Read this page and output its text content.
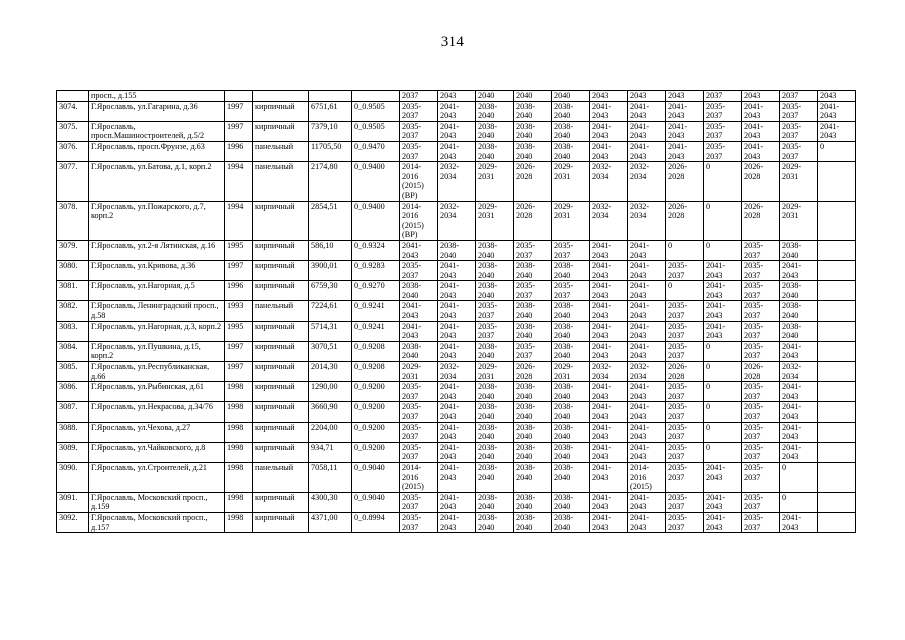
314
	просп., д.155					2037	2043	2040	2040	2040	2043	2043	2043	2037	2043	2037	2043
3074.	Г.Ярославль, ул.Гагарина, д.36	1997	кирпичный	6751,61	0_0.9505	2035-2037	2041-2043	2038-2040	2038-2040	2038-2040	2041-2043	2041-2043	2041-2043	2035-2037	2041-2043	2035-2037	2041-2043
3075.	Г.Ярославль, просп.Машиностроителей, д.5/2	1997	кирпичный	7379,10	0_0.9505	2035-2037	2041-2043	2038-2040	2038-2040	2038-2040	2041-2043	2041-2043	2041-2043	2035-2037	2041-2043	2035-2037	2041-2043
3076.	Г.Ярославль, просп.Фрунзе, д.63	1996	панельный	11705,50	0_0.9470	2035-2037	2041-2043	2038-2040	2038-2040	2038-2040	2041-2043	2041-2043	2041-2043	2035-2037	2041-2043	2035-2037	0
3077.	Г.Ярославль, ул.Батова, д.1, корп.2	1994	панельный	2174,80	0_0.9400	2014-2016 (2015) (ВР)	2032-2034	2029-2031	2026-2028	2029-2031	2032-2034	2032-2034	2026-2028	0	2026-2028	2029-2031	
3078.	Г.Ярославль, ул.Пожарского, д.7, корп.2	1994	кирпичный	2854,51	0_0.9400	2014-2016 (2015) (ВР)	2032-2034	2029-2031	2026-2028	2029-2031	2032-2034	2032-2034	2026-2028	0	2026-2028	2029-2031	
3079.	Г.Ярославль, ул.2-я Лятинская, д.16	1995	кирпичный	586,10	0_0.9324	2041-2043	2038-2040	2038-2040	2035-2037	2035-2037	2041-2043	2041-2043	0	0	2035-2037	2038-2040	
3080.	Г.Ярославль, ул.Кривова, д.36	1997	кирпичный	3900,01	0_0.9283	2035-2037	2041-2043	2038-2040	2038-2040	2038-2040	2041-2043	2041-2043	2035-2037	2041-2043	2035-2037	2041-2043	
3081.	Г.Ярославль, ул.Нагорная, д.5	1996	кирпичный	6759,30	0_0.9270	2038-2040	2041-2043	2038-2040	2035-2037	2035-2037	2041-2043	2041-2043	0	2041-2043	2035-2037	2038-2040	
3082.	Г.Ярославль, Ленинградский просп., д.58	1993	панельный	7224,61	0_0.9241	2041-2043	2041-2043	2035-2037	2038-2040	2038-2040	2041-2043	2041-2043	2035-2037	2041-2043	2035-2037	2038-2040	
3083.	Г.Ярославль, ул.Нагорная, д.3, корп.2	1995	кирпичный	5714,31	0_0.9241	2041-2043	2041-2043	2035-2037	2038-2040	2038-2040	2041-2043	2041-2043	2035-2037	2041-2043	2035-2037	2038-2040	
3084.	Г.Ярославль, ул.Пушкина, д.15, корп.2	1997	кирпичный	3070,51	0_0.9208	2038-2040	2041-2043	2038-2040	2035-2037	2038-2040	2041-2043	2041-2043	2035-2037	0	2035-2037	2041-2043	
3085.	Г.Ярославль, ул.Республиканская, д.66	1997	кирпичный	2014,30	0_0.9208	2029-2031	2032-2034	2029-2031	2026-2028	2029-2031	2032-2034	2032-2034	2026-2028	0	2026-2028	2032-2034	
3086.	Г.Ярославль, ул.Рыбинская, д.61	1998	кирпичный	1290,00	0_0.9200	2035-2037	2041-2043	2038-2040	2038-2040	2038-2040	2041-2043	2041-2043	2035-2037	0	2035-2037	2041-2043	
3087.	Г.Ярославль, ул.Некрасова, д.34/76	1998	кирпичный	3660,90	0_0.9200	2035-2037	2041-2043	2038-2040	2038-2040	2038-2040	2041-2043	2041-2043	2035-2037	0	2035-2037	2041-2043	
3088.	Г.Ярославль, ул.Чехова, д.27	1998	кирпичный	2204,00	0_0.9200	2035-2037	2041-2043	2038-2040	2038-2040	2038-2040	2041-2043	2041-2043	2035-2037	0	2035-2037	2041-2043	
3089.	Г.Ярославль, ул.Чайковского, д.8	1998	кирпичный	934,71	0_0.9200	2035-2037	2041-2043	2038-2040	2038-2040	2038-2040	2041-2043	2041-2043	2035-2037	0	2035-2037	2041-2043	
3090.	Г.Ярославль, ул.Строителей, д.21	1998	панельный	7058,11	0_0.9040	2014-2016 (2015)	2041-2043	2038-2040	2038-2040	2038-2040	2041-2043	2014-2016 (2015)	2035-2037	2041-2043	2035-2037	0	
3091.	Г.Ярославль, Московский просп., д.159	1998	кирпичный	4300,30	0_0.9040	2035-2037	2041-2043	2038-2040	2038-2040	2038-2040	2041-2043	2041-2043	2035-2037	2041-2043	2035-2037	0	
3092.	Г.Ярославль, Московский просп., д.157	1998	кирпичный	4371,00	0_0.8994	2035-2037	2041-2043	2038-2040	2038-2040	2038-2040	2041-2043	2041-2043	2035-2037	2041-2043	2035-2037	2041-2043	
